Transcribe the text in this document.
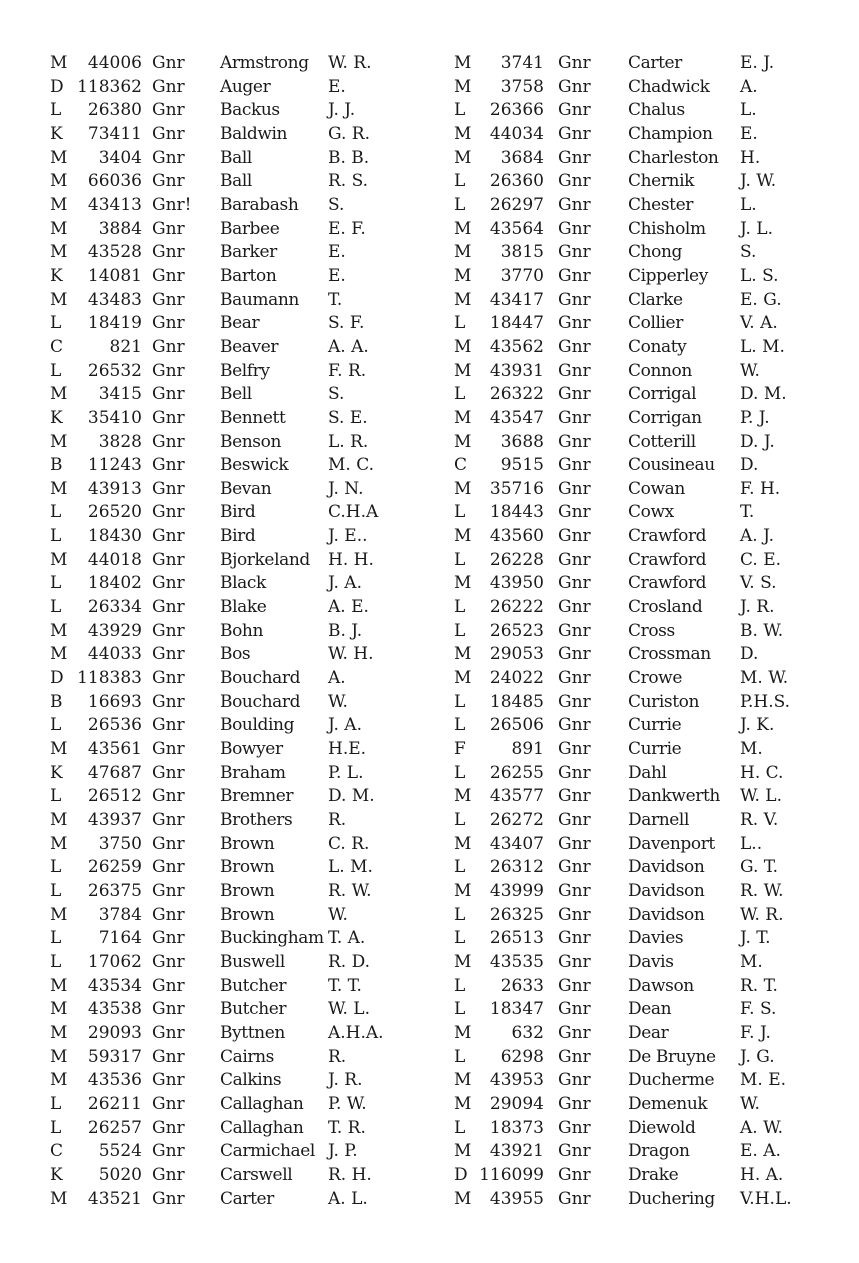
M	44006 Gnr Armstrong W. R.
D 118362 Gnr Auger	E.
L	26380 Gnr Backus	J. J.
K	73411 Gnr Baldwin G. R.
M	3404 Gnr Ball	B. B.
M	66036 Gnr Ball	R. S.
M	43413 Gnr! Barabash S.
M	3884 Gnr Barbee	E. F.
M	43528 Gnr Barker	E.
K	14081 Gnr Barton	E.
M	43483 Gnr Baumann T.
L	18419 Gnr Bear	S. F.
C	821 Gnr Beaver	A. A.
L	26532 Gnr Belfry	F. R.
M	3415 Gnr Bell	S.
K	35410 Gnr Bennett	S. E.
M	3828 Gnr Benson	L. R.
B	11243 Gnr Beswick M. C.
M	43913 Gnr Bevan	J. N.
L	26520 Gnr Bird	C.H.A
L	18430 Gnr Bird	J. E..
M	44018 Gnr Bjorkeland H. H.
L	18402 Gnr Black	J. A.
L	26334 Gnr Blake	A. E.
M	43929 Gnr Bohn	B. J.
M	44033 Gnr Bos	W. H.
D 118383 Gnr Bouchard A.
B	16693 Gnr Bouchard W.
L	26536 Gnr Boulding J. A.
M	43561 Gnr Bowyer	H.E.
K	47687 Gnr Braham P. L.
L	26512 Gnr Bremner D. M.
M	43937 Gnr Brothers R.
M	3750 Gnr Brown	C. R.
L	26259 Gnr Brown	L. M.
L	26375 Gnr Brown	R. W.
M	3784 Gnr Brown	W.
L	7164 Gnr Buckingham T. A.
L	17062 Gnr Buswell	R. D.
M	43534 Gnr Butcher T. T.
M	43538 Gnr Butcher W. L.
M	29093 Gnr Byttnen	A.H.A.
M	59317 Gnr Cairns	R.
M	43536 Gnr Calkins	J. R.
L	26211 Gnr Callaghan P. W.
L	26257 Gnr Callaghan T. R.
C	5524 Gnr Carmichael J. P.
K	5020 Gnr Carswell R. H.
M	43521 Gnr Carter	A. L.
M	3741 Gnr Carter	E. J.
M	3758 Gnr Chadwick A.
L	26366 Gnr Chalus	L.
M	44034 Gnr Champion E.
M	3684 Gnr Charleston H.
L	26360 Gnr Chernik	J. W.
L	26297 Gnr Chester	L.
M	43564 Gnr Chisholm J. L.
M	3815 Gnr Chong	S.
M	3770 Gnr Cipperley L. S.
M	43417 Gnr Clarke	E. G.
L	18447 Gnr Collier	V. A.
M	43562 Gnr Conaty	L. M.
M	43931 Gnr Connon	W.
L	26322 Gnr Corrigal	D. M.
M	43547 Gnr Corrigan P. J.
M	3688 Gnr Cotterill	D. J.
C	9515 Gnr Cousineau D.
M	35716 Gnr Cowan	F. H.
L	18443 Gnr Cowx	T.
M	43560 Gnr Crawford A. J.
L	26228 Gnr Crawford C. E.
M	43950 Gnr Crawford V. S.
L	26222 Gnr Crosland J. R.
L	26523 Gnr Cross	B. W.
M	29053 Gnr Crossman D.
M	24022 Gnr Crowe	M. W.
L	18485 Gnr Curiston P.H.S.
L	26506 Gnr Currie	J. K.
F	891 Gnr Currie	M.
L	26255 Gnr Dahl	H. C.
M	43577 Gnr Dankwerth W. L.
L	26272 Gnr Darnell	R. V.
M	43407 Gnr Davenport L..
L	26312 Gnr Davidson G. T.
M	43999 Gnr Davidson R. W.
L	26325 Gnr Davidson W. R.
L	26513 Gnr Davies	J. T.
M	43535 Gnr Davis	M.
L	2633 Gnr Dawson	R. T.
L	18347 Gnr Dean	F. S.
M	632 Gnr Dear	F. J.
L	6298 Gnr De Bruyne J. G.
M	43953 Gnr Ducherme M. E.
M	29094 Gnr Demenuk W.
L	18373 Gnr Diewold	A. W.
M	43921 Gnr Dragon	E. A.
D 116099 Gnr Drake	H. A.
M	43955 Gnr Duchering V.H.L.
